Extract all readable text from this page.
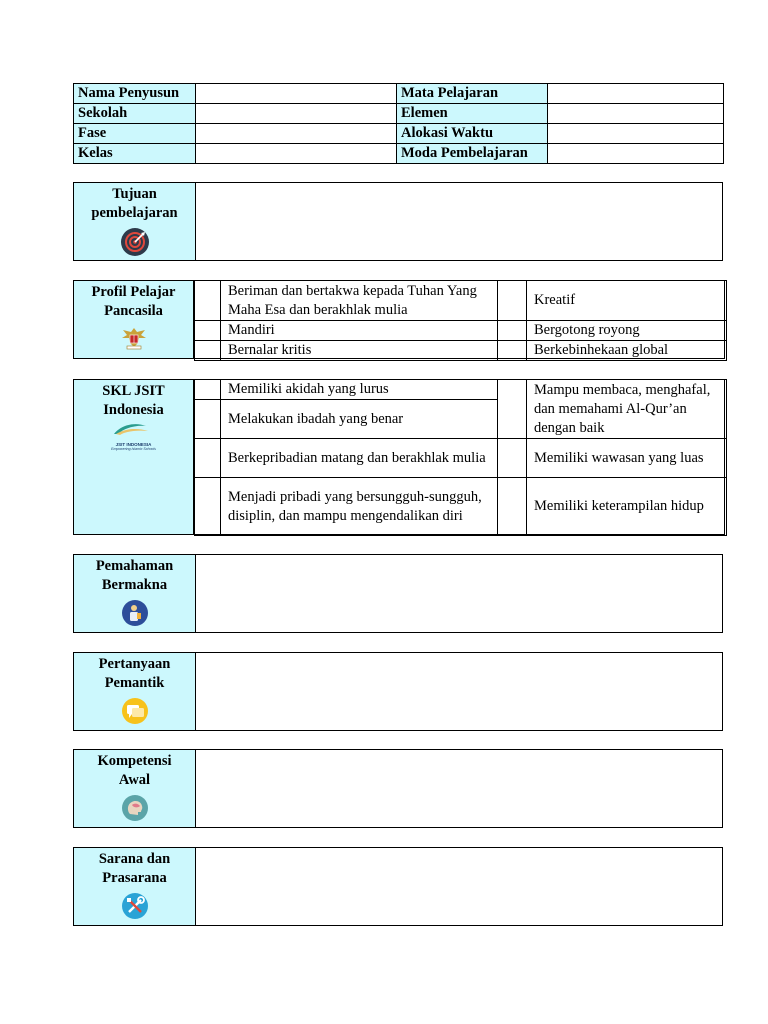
Nama Penyusun		Mata Pelajaran	
Sekolah		Elemen	
Fase		Alokasi Waktu	
Kelas		Moda Pembelajaran	
Tujuan
pembelajaran
Profil Pelajar
Pancasila
	Beriman dan bertakwa kepada Tuhan Yang Maha Esa dan berakhlak mulia		Kreatif
	Mandiri		Bergotong royong
	Bernalar kritis		Berkebinhekaan global
SKL JSIT
Indonesia
JSIT INDONESIA
Empowering Islamic Schools
	Memiliki akidah yang lurus		Mampu membaca, menghafal, dan memahami Al-Qur’an dengan baik
	Melakukan ibadah yang benar		
	Berkepribadian matang dan berakhlak mulia		Memiliki wawasan yang luas
	Menjadi pribadi yang bersungguh-sungguh, disiplin, dan mampu mengendalikan diri		Memiliki keterampilan hidup
Pemahaman
Bermakna
Pertanyaan
Pemantik
Kompetensi
Awal
Sarana dan
Prasarana
